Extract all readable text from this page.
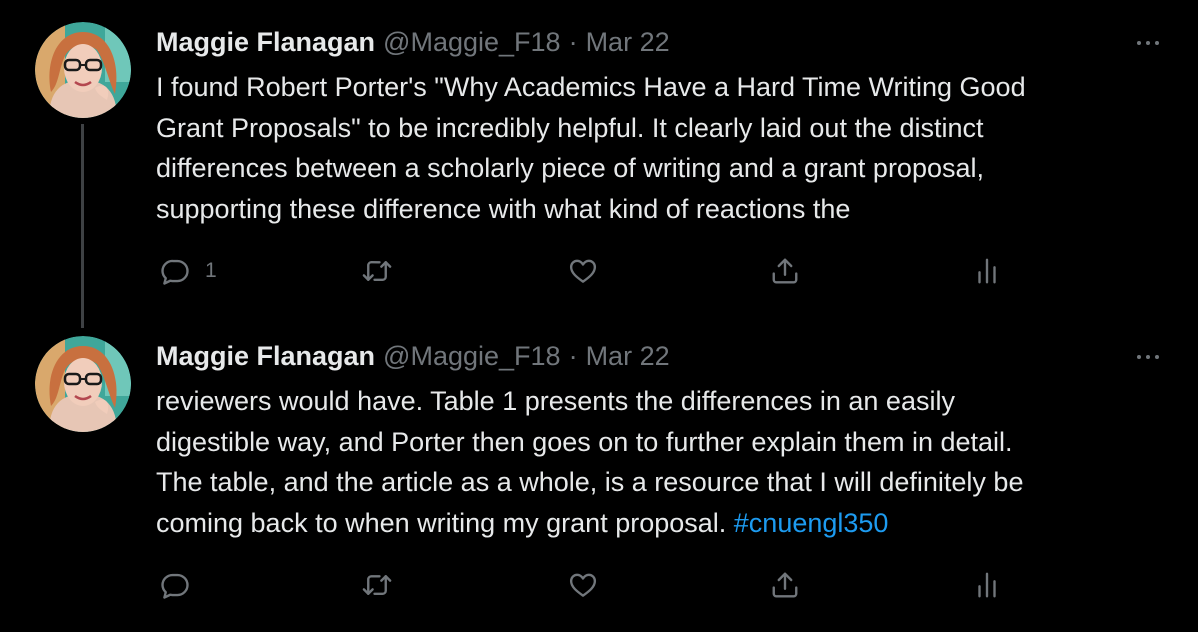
Maggie Flanagan @Maggie_F18 · Mar 22
I found Robert Porter's "Why Academics Have a Hard Time Writing Good
Grant Proposals" to be incredibly helpful. It clearly laid out the distinct
differences between a scholarly piece of writing and a grant proposal,
supporting these difference with what kind of reactions the
1
Maggie Flanagan @Maggie_F18 · Mar 22
reviewers would have. Table 1 presents the differences in an easily
digestible way, and Porter then goes on to further explain them in detail.
The table, and the article as a whole, is a resource that I will definitely be
coming back to when writing my grant proposal. #cnuengl350
